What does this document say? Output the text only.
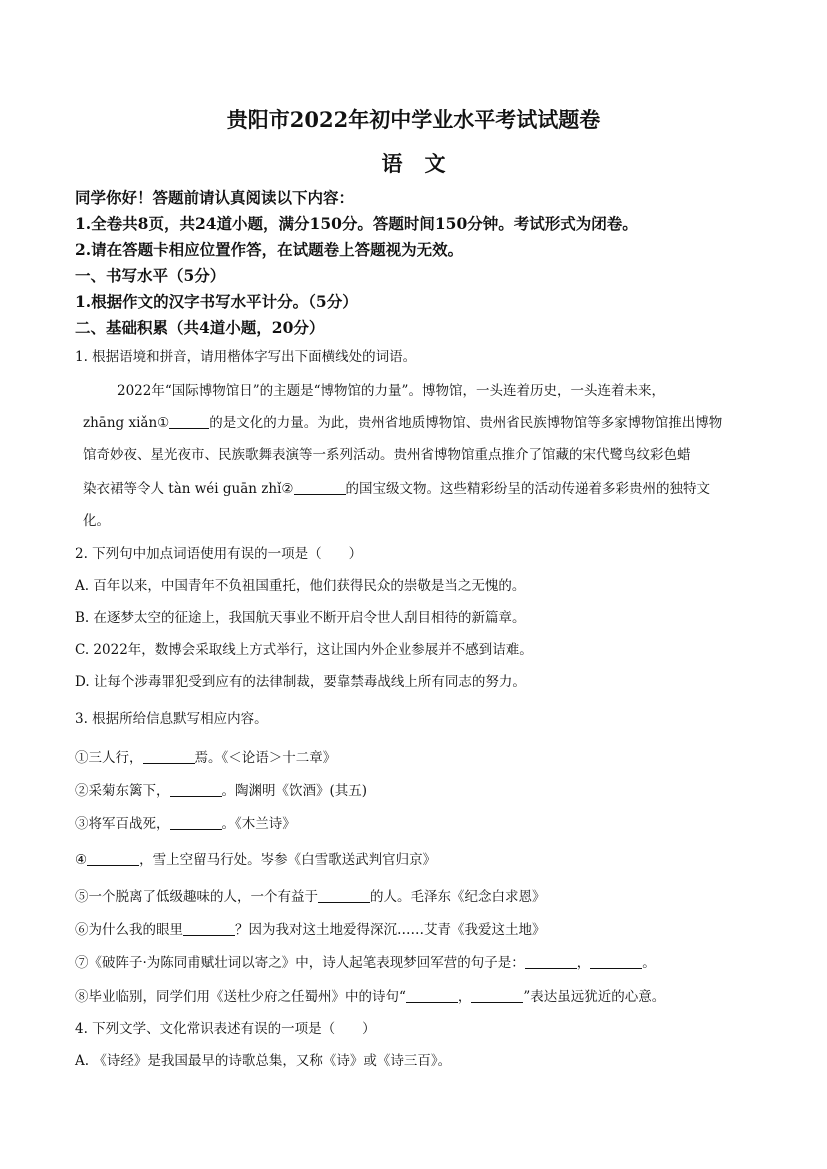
贵阳市2022年初中学业水平考试试题卷
语文
同学你好！答题前请认真阅读以下内容：
1.全卷共8页，共24道小题，满分150分。答题时间150分钟。考试形式为闭卷。
2.请在答题卡相应位置作答，在试题卷上答题视为无效。
一、书写水平（5分）
1.根据作文的汉字书写水平计分。（5分）
二、基础积累（共4道小题，20分）
1. 根据语境和拼音，请用楷体字写出下面横线处的词语。
2022年“国际博物馆日”的主题是“博物馆的力量”。博物馆，一头连着历史，一头连着未来，
zhāng xiǎn①	的是文化的力量。为此，贵州省地质博物馆、贵州省民族博物馆等多家博物馆推出博物
馆奇妙夜、星光夜市、民族歌舞表演等一系列活动。贵州省博物馆重点推介了馆藏的宋代鹭鸟纹彩色蜡
染衣裙等令人 tàn wéi guān zhǐ②	的国宝级文物。这些精彩纷呈的活动传递着多彩贵州的独特文
化。
2. 下列句中加点词语使用有误的一项是（　　）
A. 百年以来，中国青年不负祖国重托，他们获得民众的崇敬是当之无愧的。
B. 在逐梦太空的征途上，我国航天事业不断开启令世人刮目相待的新篇章。
C. 2022年，数博会采取线上方式举行，这让国内外企业参展并不感到诘难。
D. 让每个涉毒罪犯受到应有的法律制裁，要靠禁毒战线上所有同志的努力。
3. 根据所给信息默写相应内容。
①三人行，	焉。《＜论语＞十二章》
②采菊东篱下，	。陶渊明《饮酒》(其五)
③将军百战死，	。《木兰诗》
④	，雪上空留马行处。岑参《白雪歌送武判官归京》
⑤一个脱离了低级趣味的人，一个有益于	的人。毛泽东《纪念白求恩》
⑥为什么我的眼里	？因为我对这土地爱得深沉……艾青《我爱这土地》
⑦《破阵子·为陈同甫赋壮词以寄之》中，诗人起笔表现梦回军营的句子是：	，	。
⑧毕业临别，同学们用《送杜少府之任蜀州》中的诗句“	，	”表达虽远犹近的心意。
4. 下列文学、文化常识表述有误的一项是（　　）
A. 《诗经》是我国最早的诗歌总集，又称《诗》或《诗三百》。
